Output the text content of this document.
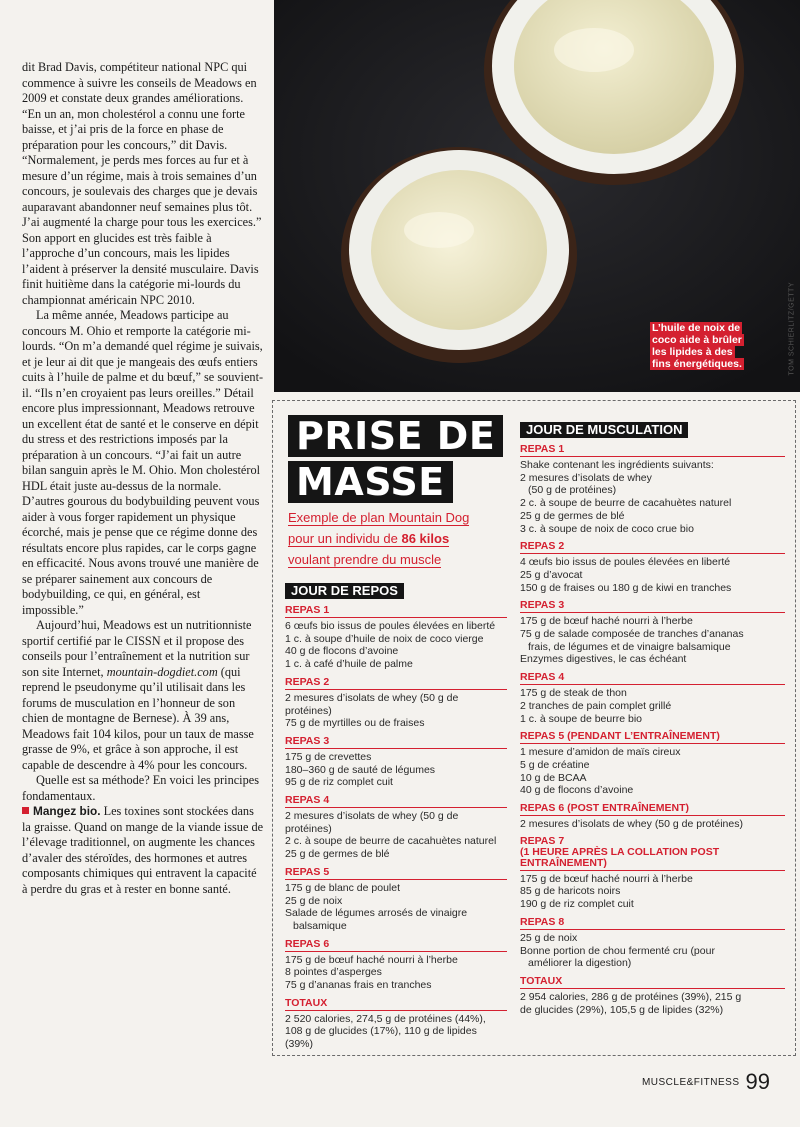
dit Brad Davis, compétiteur national NPC qui commence à suivre les conseils de Meadows en 2009 et constate deux grandes améliorations. “En un an, mon cholestérol a connu une forte baisse, et j’ai pris de la force en phase de préparation pour les concours,” dit Davis. “Normalement, je perds mes forces au fur et à mesure d’un régime, mais à trois semaines d’un concours, je soulevais des charges que je devais auparavant abandonner neuf semaines plus tôt. J’ai augmenté la charge pour tous les exercices.” Son apport en glucides est très faible à l’approche d’un concours, mais les lipides l’aident à préserver la densité musculaire. Davis finit huitième dans la catégorie mi-lourds du championnat américain NPC 2010.

La même année, Meadows participe au concours M. Ohio et remporte la catégorie mi-lourds. “On m’a demandé quel régime je suivais, et je leur ai dit que je mangeais des œufs entiers cuits à l’huile de palme et du bœuf,” se souvient-il. “Ils n’en croyaient pas leurs oreilles.” Détail encore plus impressionnant, Meadows retrouve un excellent état de santé et le conserve en dépit du stress et des restrictions imposés par la préparation à un concours. “J’ai fait un autre bilan sanguin après le M. Ohio. Mon cholestérol HDL était juste au-dessus de la normale. D’autres gourous du bodybuilding peuvent vous aider à vous forger rapidement un physique écorché, mais je pense que ce régime donne des résultats encore plus rapides, car le corps gagne en efficacité. Nous avons trouvé une manière de se préparer sainement aux concours de bodybuilding, ce qui, en général, est impossible.”

Aujourd’hui, Meadows est un nutritionniste sportif certifié par le CISSN et il propose des conseils pour l’entraînement et la nutrition sur son site Internet, mountain-dogdiet.com (qui reprend le pseudonyme qu’il utilisait dans les forums de musculation en l’honneur de son chien de montagne de Bernese). À 39 ans, Meadows fait 104 kilos, pour un taux de masse grasse de 9%, et grâce à son approche, il est capable de descendre à 4% pour les concours.

Quelle est sa méthode? En voici les principes fondamentaux.

Mangez bio. Les toxines sont stockées dans la graisse. Quand on mange de la viande issue de l’élevage traditionnel, on augmente les chances d’avaler des stéroïdes, des hormones et autres composants chimiques qui entravent la capacité à perdre du gras et à rester en bonne santé.

L’huile de noix de coco aide à brûler les lipides à des fins énergétiques.	TOM SCHIERLITZ/GETTY
PRISE DE MASSE
Exemple de plan Mountain Dog pour un individu de 86 kilos voulant prendre du muscle
JOUR DE REPOS
REPAS 1
6 œufs bio issus de poules élevées en liberté
1 c. à soupe d’huile de noix de coco vierge
40 g de flocons d’avoine
1 c. à café d’huile de palme
REPAS 2
2 mesures d’isolats de whey (50 g de protéines)
75 g de myrtilles ou de fraises
REPAS 3
175 g de crevettes
180–360 g de sauté de légumes
95 g de riz complet cuit
REPAS 4
2 mesures d’isolats de whey (50 g de protéines)
2 c. à soupe de beurre de cacahuètes naturel
25 g de germes de blé
REPAS 5
175 g de blanc de poulet
25 g de noix
Salade de légumes arrosés de vinaigre
balsamique
REPAS 6
175 g de bœuf haché nourri à l’herbe
8 pointes d’asperges
75 g d’ananas frais en tranches
TOTAUX
2 520 calories, 274,5 g de protéines (44%),
108 g de glucides (17%), 110 g de lipides
(39%)
JOUR DE MUSCULATION
REPAS 1
Shake contenant les ingrédients suivants:
2 mesures d’isolats de whey
(50 g de protéines)
2 c. à soupe de beurre de cacahuètes naturel
25 g de germes de blé
3 c. à soupe de noix de coco crue bio
REPAS 2
4 œufs bio issus de poules élevées en liberté
25 g d’avocat
150 g de fraises ou 180 g de kiwi en tranches
REPAS 3
175 g de bœuf haché nourri à l’herbe
75 g de salade composée de tranches d’ananas
frais, de légumes et de vinaigre balsamique
Enzymes digestives, le cas échéant
REPAS 4
175 g de steak de thon
2 tranches de pain complet grillé
1 c. à soupe de beurre bio
REPAS 5 (PENDANT L’ENTRAÎNEMENT)
1 mesure d’amidon de maïs cireux
5 g de créatine
10 g de BCAA
40 g de flocons d’avoine
REPAS 6 (POST ENTRAÎNEMENT)
2 mesures d’isolats de whey (50 g de protéines)
REPAS 7
(1 HEURE APRÈS LA COLLATION POST
ENTRAÎNEMENT)
175 g de bœuf haché nourri à l’herbe
85 g de haricots noirs
190 g de riz complet cuit
REPAS 8
25 g de noix
Bonne portion de chou fermenté cru (pour
améliorer la digestion)
TOTAUX
2 954 calories, 286 g de protéines (39%), 215 g
de glucides (29%), 105,5 g de lipides (32%)
$^{MUSCLE\&FITNESS}$ 99
